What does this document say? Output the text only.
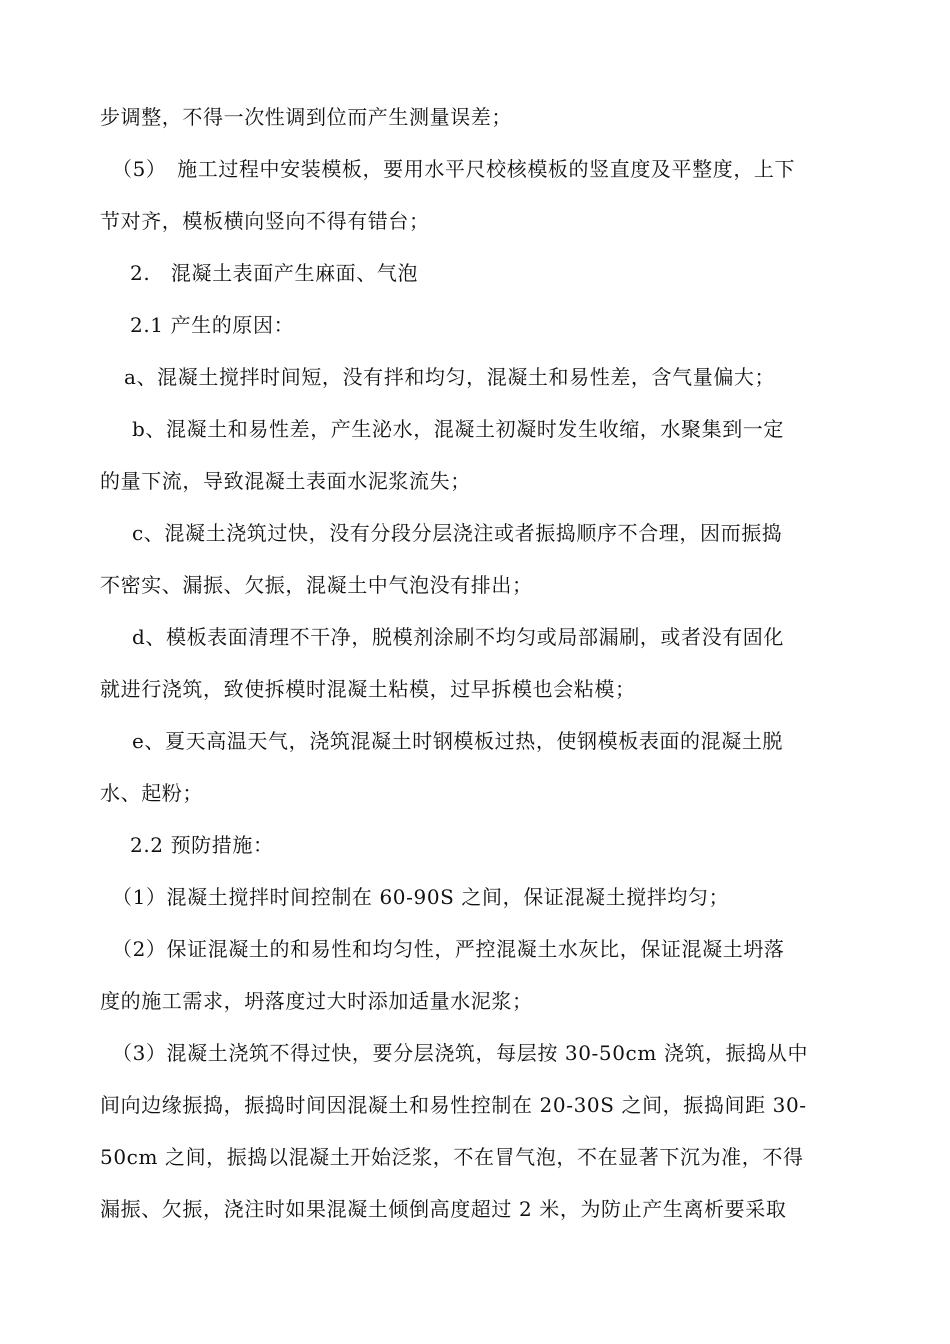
步调整，不得一次性调到位而产生测量误差；
（5）　施工过程中安装模板，要用水平尺校核模板的竖直度及平整度，上下
节对齐，模板横向竖向不得有错台；
2.　混凝土表面产生麻面、气泡
2.1 产生的原因：
a、混凝土搅拌时间短，没有拌和均匀，混凝土和易性差，含气量偏大；
b、混凝土和易性差，产生泌水，混凝土初凝时发生收缩，水聚集到一定
的量下流，导致混凝土表面水泥浆流失；
c、混凝土浇筑过快，没有分段分层浇注或者振捣顺序不合理，因而振捣
不密实、漏振、欠振，混凝土中气泡没有排出；
d、模板表面清理不干净，脱模剂涂刷不均匀或局部漏刷，或者没有固化
就进行浇筑，致使拆模时混凝土粘模，过早拆模也会粘模；
e、夏天高温天气，浇筑混凝土时钢模板过热，使钢模板表面的混凝土脱
水、起粉；
2.2 预防措施：
（1）混凝土搅拌时间控制在 60-90S 之间，保证混凝土搅拌均匀；
（2）保证混凝土的和易性和均匀性，严控混凝土水灰比，保证混凝土坍落
度的施工需求，坍落度过大时添加适量水泥浆；
（3）混凝土浇筑不得过快，要分层浇筑，每层按 30-50cm 浇筑，振捣从中
间向边缘振捣，振捣时间因混凝土和易性控制在 20-30S 之间，振捣间距 30-
50cm 之间，振捣以混凝土开始泛浆，不在冒气泡，不在显著下沉为准，不得
漏振、欠振，浇注时如果混凝土倾倒高度超过 2 米，为防止产生离析要采取
